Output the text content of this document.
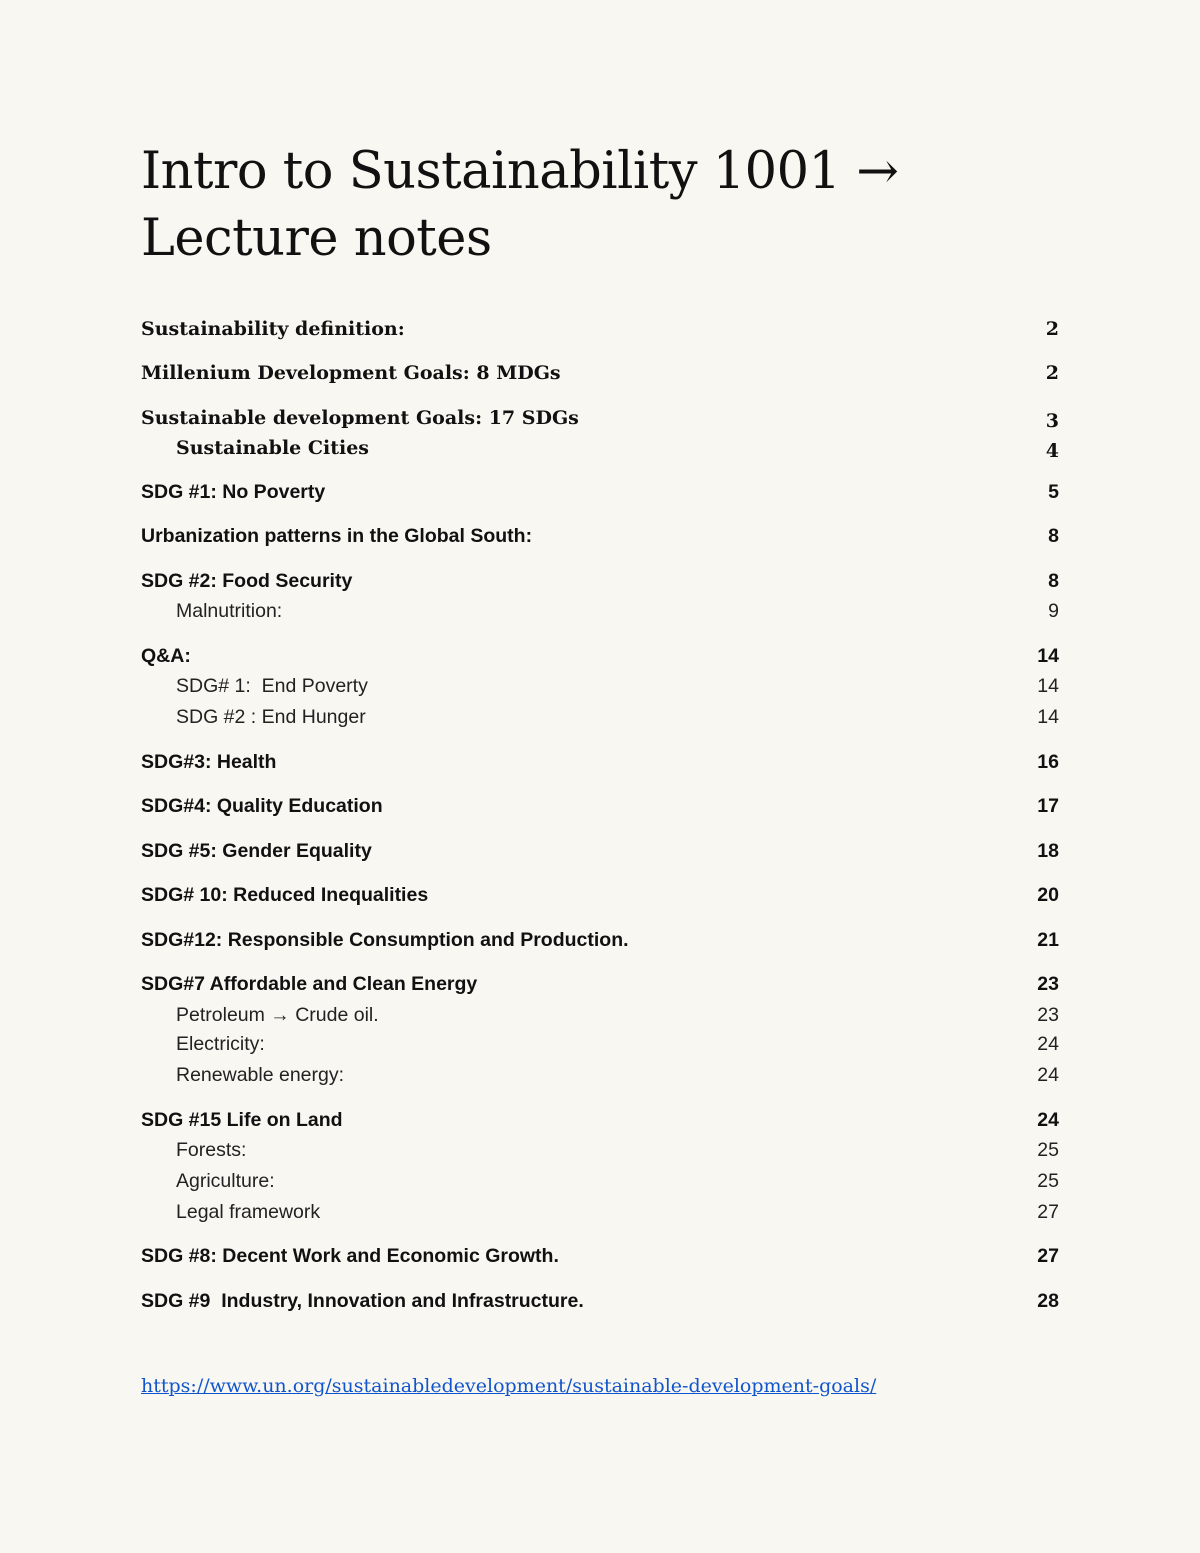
Intro to Sustainability 1001 → Lecture notes
Sustainability definition:	2
Millenium Development Goals: 8 MDGs	2
Sustainable development Goals: 17 SDGs	3
Sustainable Cities	4
SDG #1: No Poverty	5
Urbanization patterns in the Global South:	8
SDG #2: Food Security	8
Malnutrition:	9
Q&A:	14
SDG# 1:  End Poverty	14
SDG #2 : End Hunger	14
SDG#3: Health	16
SDG#4: Quality Education	17
SDG #5: Gender Equality	18
SDG# 10: Reduced Inequalities	20
SDG#12: Responsible Consumption and Production.	21
SDG#7 Affordable and Clean Energy	23
Petroleum → Crude oil.	23
Electricity:	24
Renewable energy:	24
SDG #15 Life on Land	24
Forests:	25
Agriculture:	25
Legal framework	27
SDG #8: Decent Work and Economic Growth.	27
SDG #9  Industry, Innovation and Infrastructure.	28
https://www.un.org/sustainabledevelopment/sustainable-development-goals/
